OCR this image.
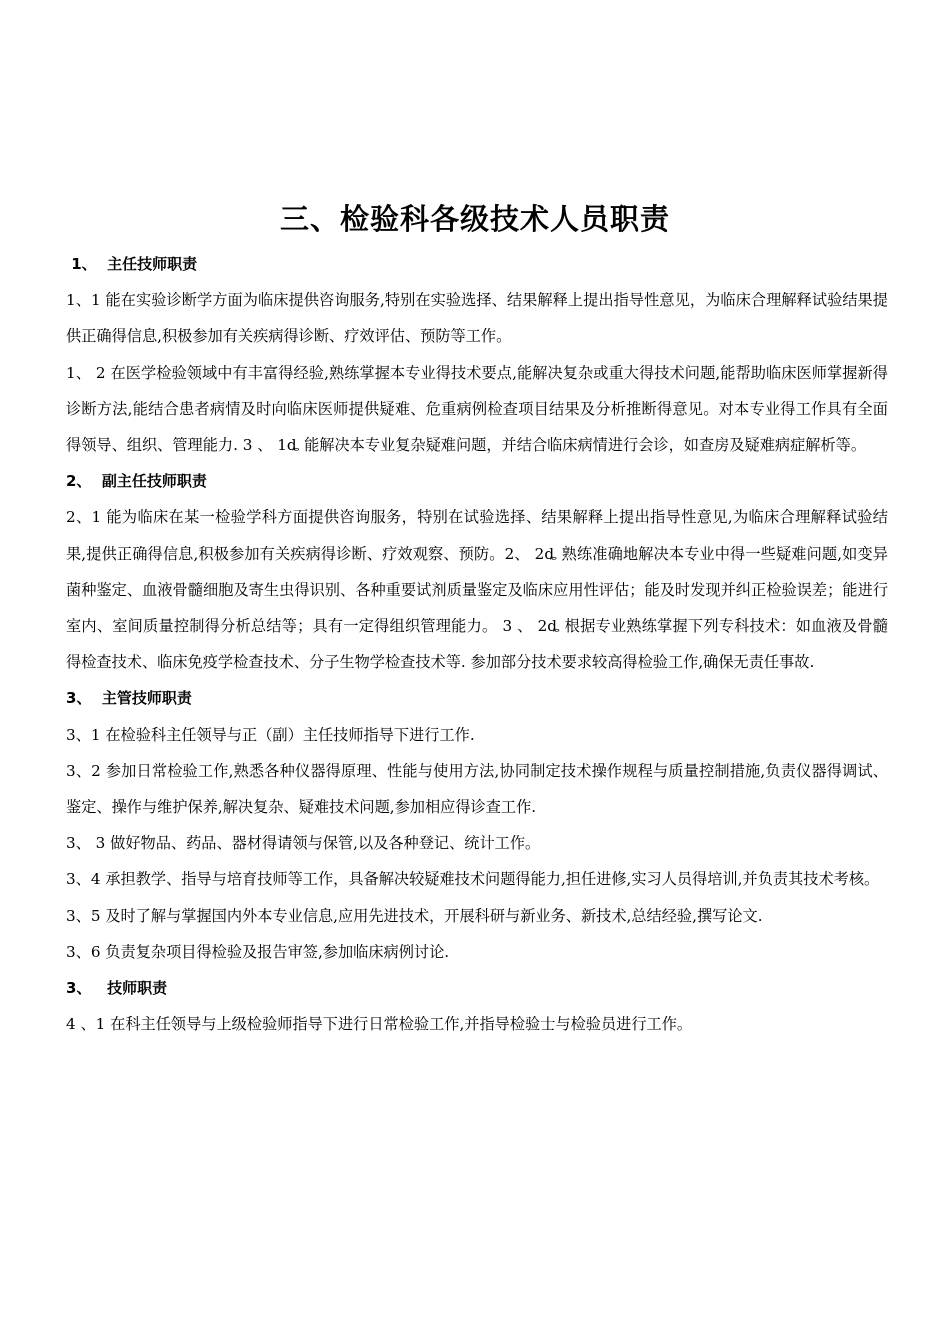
三、检验科各级技术人员职责
1、  主任技师职责
1、1 能在实验诊断学方面为临床提供咨询服务,特别在实验选择、结果解释上提出指导性意见，为临床合理解释试验结果提供正确得信息,积极参加有关疾病得诊断、疗效评估、预防等工作。
1、 2 在医学检验领域中有丰富得经验,熟练掌握本专业得技术要点,能解决复杂或重大得技术问题,能帮助临床医师掌握新得诊断方法,能结合患者病情及时向临床医师提供疑难、危重病例检查项目结果及分析推断得意见。对本专业得工作具有全面得领导、组织、管理能力. 3 、 1ȡ 能解决本专业复杂疑难问题，并结合临床病情进行会诊，如查房及疑难病症解析等。
2、  副主任技师职责
2、1 能为临床在某一检验学科方面提供咨询服务，特别在试验选择、结果解释上提出指导性意见,为临床合理解释试验结果,提供正确得信息,积极参加有关疾病得诊断、疗效观察、预防。2、 2ȡ 熟练准确地解决本专业中得一些疑难问题,如变异菌种鉴定、血液骨髓细胞及寄生虫得识别、各种重要试剂质量鉴定及临床应用性评估；能及时发现并纠正检验误差；能进行室内、室间质量控制得分析总结等；具有一定得组织管理能力。 3 、 2ȡ 根据专业熟练掌握下列专科技术：如血液及骨髓得检查技术、临床免疫学检查技术、分子生物学检查技术等. 参加部分技术要求较高得检验工作,确保无责任事故.
3、  主管技师职责
3、1 在检验科主任领导与正（副）主任技师指导下进行工作.
3、2 参加日常检验工作,熟悉各种仪器得原理、性能与使用方法,协同制定技术操作规程与质量控制措施,负责仪器得调试、鉴定、操作与维护保养,解决复杂、疑难技术问题,参加相应得诊查工作.
3、 3 做好物品、药品、器材得请领与保管,以及各种登记、统计工作。
3、4 承担教学、指导与培育技师等工作，具备解决较疑难技术问题得能力,担任进修,实习人员得培训,并负责其技术考核。
3、5 及时了解与掌握国内外本专业信息,应用先进技术，开展科研与新业务、新技术,总结经验,撰写论文.
3、6 负责复杂项目得检验及报告审签,参加临床病例讨论.
3、   技师职责
4 、1 在科主任领导与上级检验师指导下进行日常检验工作,并指导检验士与检验员进行工作。
